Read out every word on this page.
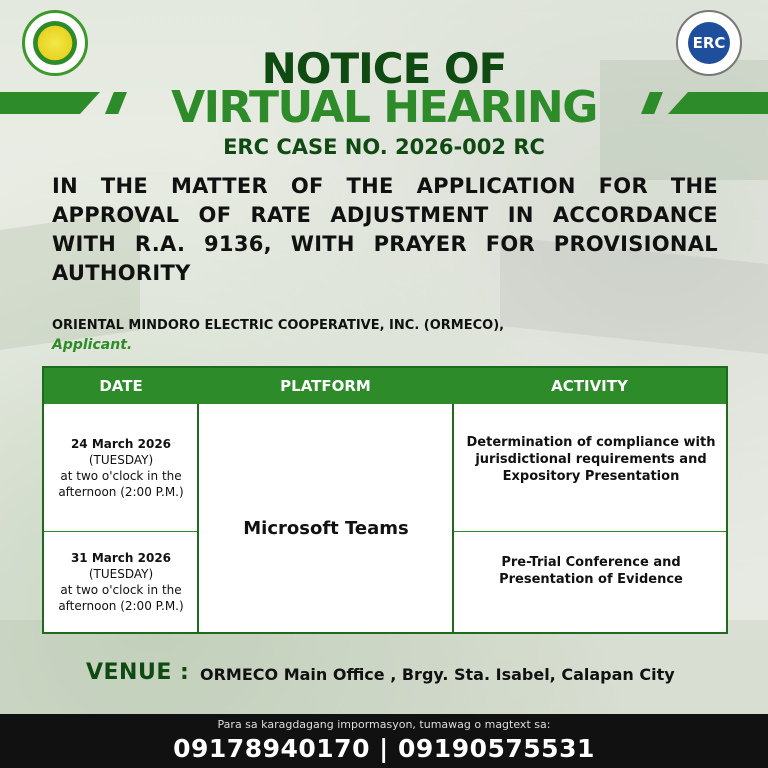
ERC
NOTICE OF
VIRTUAL HEARING
ERC CASE NO. 2026-002 RC
IN THE MATTER OF THE APPLICATION FOR THE APPROVAL OF RATE ADJUSTMENT IN ACCORDANCE WITH R.A. 9136, WITH PRAYER FOR PROVISIONAL AUTHORITY
ORIENTAL MINDORO ELECTRIC COOPERATIVE, INC. (ORMECO),
Applicant.
DATE	PLATFORM	ACTIVITY
24 March 2026
(TUESDAY)
at two o'clock in the
afternoon (2:00 P.M.)
31 March 2026
(TUESDAY)
at two o'clock in the
afternoon (2:00 P.M.)
Microsoft Teams
Determination of compliance with jurisdictional requirements and Expository Presentation
Pre-Trial Conference and Presentation of Evidence
VENUE : ORMECO Main Office , Brgy. Sta. Isabel, Calapan City
Para sa karagdagang impormasyon, tumawag o magtext sa:
09178940170 | 09190575531
